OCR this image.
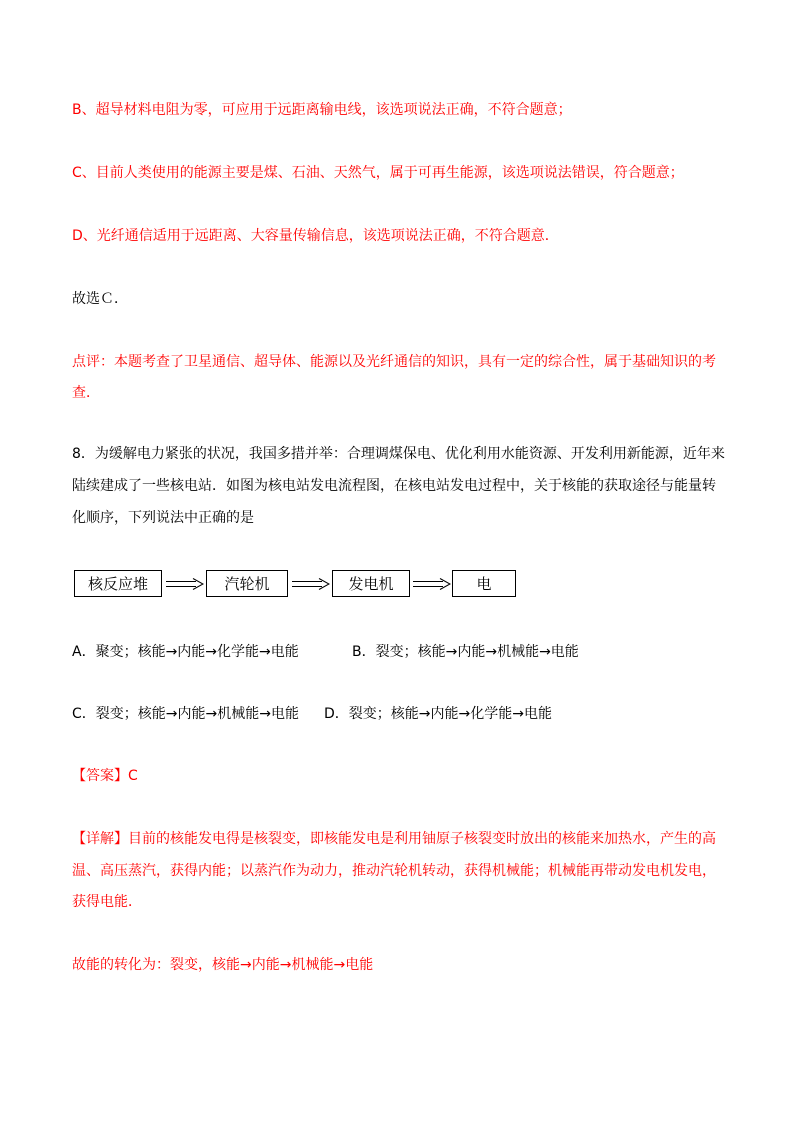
B、超导材料电阻为零，可应用于远距离输电线，该选项说法正确，不符合题意；
C、目前人类使用的能源主要是煤、石油、天然气，属于可再生能源，该选项说法错误，符合题意；
D、光纤通信适用于远距离、大容量传输信息，该选项说法正确，不符合题意．
故选Ｃ．
点评：本题考查了卫星通信、超导体、能源以及光纤通信的知识，具有一定的综合性，属于基础知识的考
查．
8．为缓解电力紧张的状况，我国多措并举：合理调煤保电、优化利用水能资源、开发利用新能源，近年来
陆续建成了一些核电站．如图为核电站发电流程图，在核电站发电过程中，关于核能的获取途径与能量转
化顺序，下列说法中正确的是
核反应堆	汽轮机	发电机	电
A．聚变；核能→内能→化学能→电能	B．裂变；核能→内能→机械能→电能
C．裂变；核能→内能→机械能→电能 D．裂变；核能→内能→化学能→电能
【答案】C
【详解】目前的核能发电得是核裂变，即核能发电是利用铀原子核裂变时放出的核能来加热水，产生的高
温、高压蒸汽，获得内能；以蒸汽作为动力，推动汽轮机转动，获得机械能；机械能再带动发电机发电，
获得电能．
故能的转化为：裂变，核能→内能→机械能→电能
